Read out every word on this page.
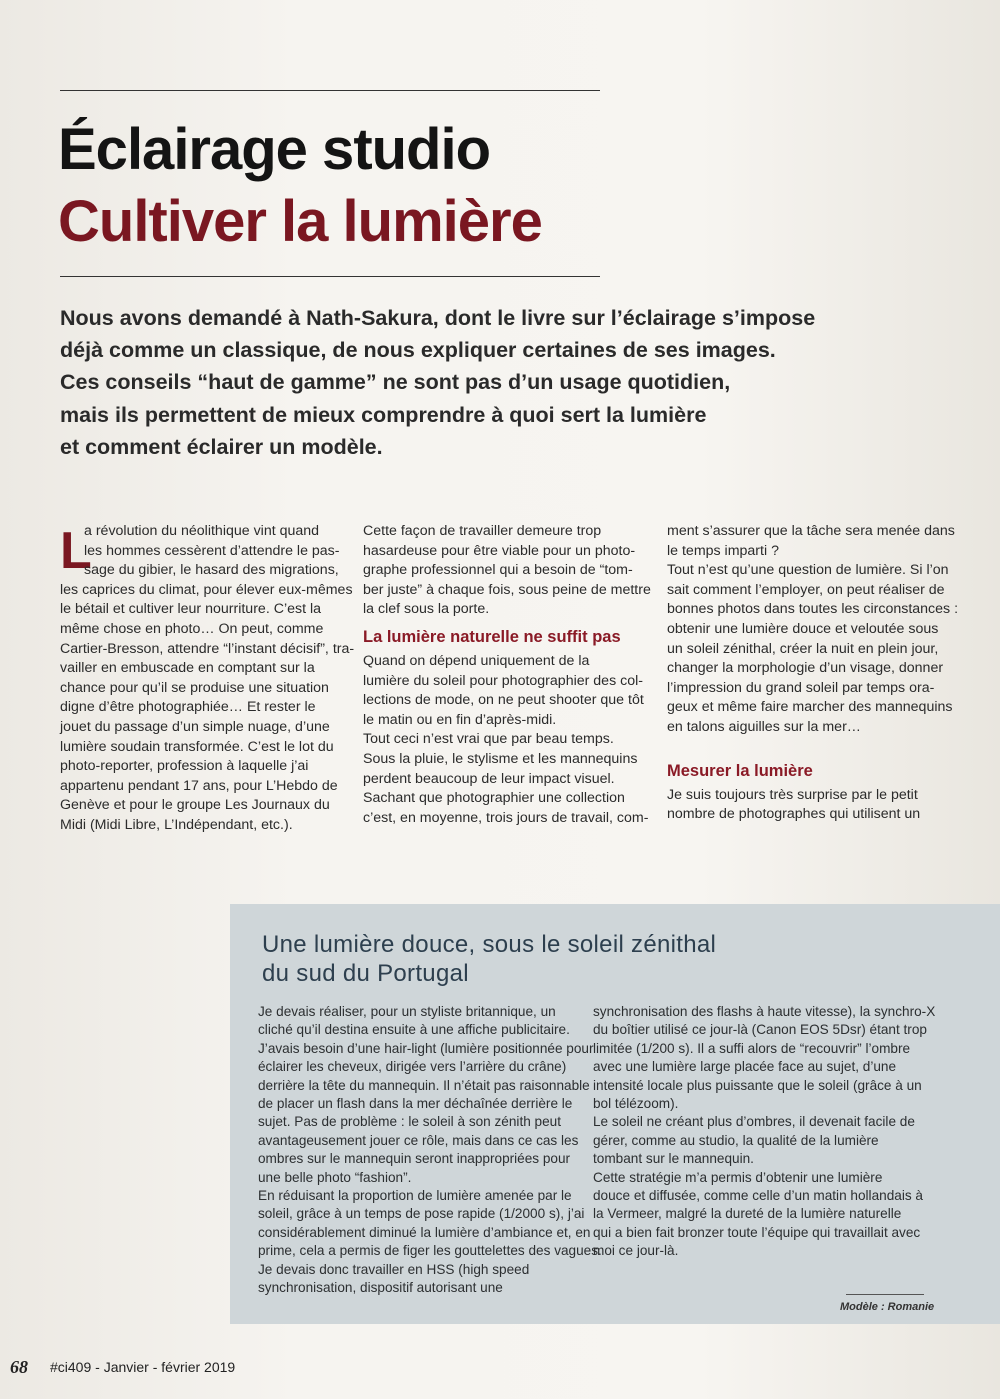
Éclairage studio
Cultiver la lumière

Nous avons demandé à Nath-Sakura, dont le livre sur l’éclairage s’impose
déjà comme un classique, de nous expliquer certaines de ses images.
Ces conseils “haut de gamme” ne sont pas d’un usage quotidien,
mais ils permettent de mieux comprendre à quoi sert la lumière
et comment éclairer un modèle.

L
a révolution du néolithique vint quand
les hommes cessèrent d’attendre le pas-
sage du gibier, le hasard des migrations,
les caprices du climat, pour élever eux-mêmes
le bétail et cultiver leur nourriture. C’est la
même chose en photo… On peut, comme
Cartier-Bresson, attendre “l’instant décisif”, tra-
vailler en embuscade en comptant sur la
chance pour qu’il se produise une situation
digne d’être photographiée… Et rester le
jouet du passage d’un simple nuage, d’une
lumière soudain transformée. C’est le lot du
photo-reporter, profession à laquelle j’ai
appartenu pendant 17 ans, pour L’Hebdo de
Genève et pour le groupe Les Journaux du
Midi (Midi Libre, L’Indépendant, etc.).
Cette façon de travailler demeure trop
hasardeuse pour être viable pour un photo-
graphe professionnel qui a besoin de “tom-
ber juste” à chaque fois, sous peine de mettre
la clef sous la porte.
La lumière naturelle ne suffit pas
Quand on dépend uniquement de la
lumière du soleil pour photographier des col-
lections de mode, on ne peut shooter que tôt
le matin ou en fin d’après-midi.
Tout ceci n’est vrai que par beau temps.
Sous la pluie, le stylisme et les mannequins
perdent beaucoup de leur impact visuel.
Sachant que photographier une collection
c’est, en moyenne, trois jours de travail, com-
ment s’assurer que la tâche sera menée dans
le temps imparti ?
Tout n’est qu’une question de lumière. Si l’on
sait comment l’employer, on peut réaliser de
bonnes photos dans toutes les circonstances :
obtenir une lumière douce et veloutée sous
un soleil zénithal, créer la nuit en plein jour,
changer la morphologie d’un visage, donner
l’impression du grand soleil par temps ora-
geux et même faire marcher des mannequins
en talons aiguilles sur la mer…
Mesurer la lumière
Je suis toujours très surprise par le petit
nombre de photographes qui utilisent un
Une lumière douce, sous le soleil zénithal
du sud du Portugal
Je devais réaliser, pour un styliste britannique, un
cliché qu’il destina ensuite à une affiche publicitaire.
J’avais besoin d’une hair-light (lumière positionnée pour
éclairer les cheveux, dirigée vers l’arrière du crâne)
derrière la tête du mannequin. Il n’était pas raisonnable
de placer un flash dans la mer déchaînée derrière le
sujet. Pas de problème : le soleil à son zénith peut
avantageusement jouer ce rôle, mais dans ce cas les
ombres sur le mannequin seront inappropriées pour
une belle photo “fashion”.
En réduisant la proportion de lumière amenée par le
soleil, grâce à un temps de pose rapide (1/2000 s), j’ai
considérablement diminué la lumière d’ambiance et, en
prime, cela a permis de figer les gouttelettes des vagues.
Je devais donc travailler en HSS (high speed
synchronisation, dispositif autorisant une
synchronisation des flashs à haute vitesse), la synchro-X
du boîtier utilisé ce jour-là (Canon EOS 5Dsr) étant trop
limitée (1/200 s). Il a suffi alors de “recouvrir” l’ombre
avec une lumière large placée face au sujet, d’une
intensité locale plus puissante que le soleil (grâce à un
bol télézoom).
Le soleil ne créant plus d’ombres, il devenait facile de
gérer, comme au studio, la qualité de la lumière
tombant sur le mannequin.
Cette stratégie m’a permis d’obtenir une lumière
douce et diffusée, comme celle d’un matin hollandais à
la Vermeer, malgré la dureté de la lumière naturelle
qui a bien fait bronzer toute l’équipe qui travaillait avec
moi ce jour-là.
Modèle : Romanie
68 #ci409 - Janvier - février 2019
